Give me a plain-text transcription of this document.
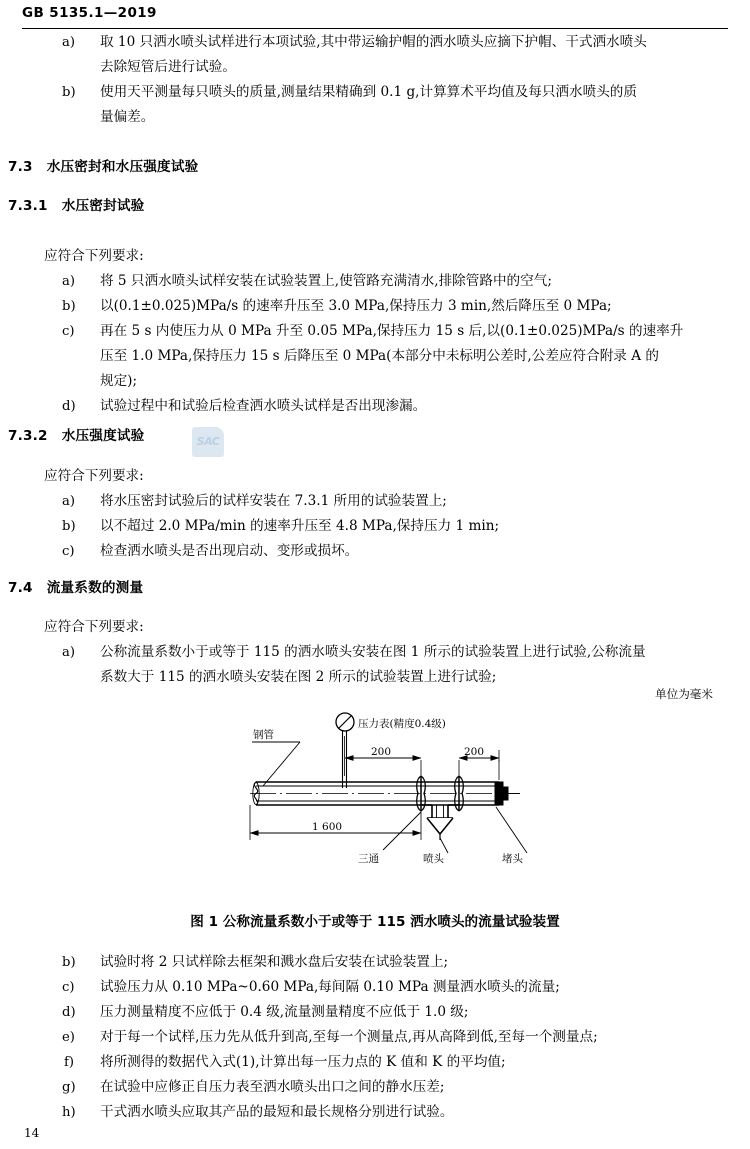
GB 5135.1—2019
SAC
a) 取 10 只洒水喷头试样进行本项试验,其中带运输护帽的洒水喷头应摘下护帽、干式洒水喷头
去除短管后进行试验。
b) 使用天平测量每只喷头的质量,测量结果精确到 0.1 g,计算算术平均值及每只洒水喷头的质
量偏差。
7.3 水压密封和水压强度试验
7.3.1 水压密封试验
应符合下列要求:
a) 将 5 只洒水喷头试样安装在试验装置上,使管路充满清水,排除管路中的空气;
b) 以(0.1±0.025)MPa/s 的速率升压至 3.0 MPa,保持压力 3 min,然后降压至 0 MPa;
c) 再在 5 s 内使压力从 0 MPa 升至 0.05 MPa,保持压力 15 s 后,以(0.1±0.025)MPa/s 的速率升
压至 1.0 MPa,保持压力 15 s 后降压至 0 MPa(本部分中未标明公差时,公差应符合附录 A 的
规定);
d) 试验过程中和试验后检查洒水喷头试样是否出现渗漏。
7.3.2 水压强度试验
应符合下列要求:
a) 将水压密封试验后的试样安装在 7.3.1 所用的试验装置上;
b) 以不超过 2.0 MPa/min 的速率升压至 4.8 MPa,保持压力 1 min;
c) 检查洒水喷头是否出现启动、变形或损坏。
7.4 流量系数的测量
应符合下列要求:
a) 公称流量系数小于或等于 115 的洒水喷头安装在图 1 所示的试验装置上进行试验,公称流量
系数大于 115 的洒水喷头安装在图 2 所示的试验装置上进行试验;
单位为毫米
压力表(精度0.4级)
钢管
200	200
1 600
三通	喷头	堵头
图 1 公称流量系数小于或等于 115 洒水喷头的流量试验装置
b) 试验时将 2 只试样除去框架和溅水盘后安装在试验装置上;
c) 试验压力从 0.10 MPa~0.60 MPa,每间隔 0.10 MPa 测量洒水喷头的流量;
d) 压力测量精度不应低于 0.4 级,流量测量精度不应低于 1.0 级;
e) 对于每一个试样,压力先从低升到高,至每一个测量点,再从高降到低,至每一个测量点;
f) 将所测得的数据代入式(1),计算出每一压力点的 K 值和 K 的平均值;
g) 在试验中应修正自压力表至洒水喷头出口之间的静水压差;
h) 干式洒水喷头应取其产品的最短和最长规格分别进行试验。
14
